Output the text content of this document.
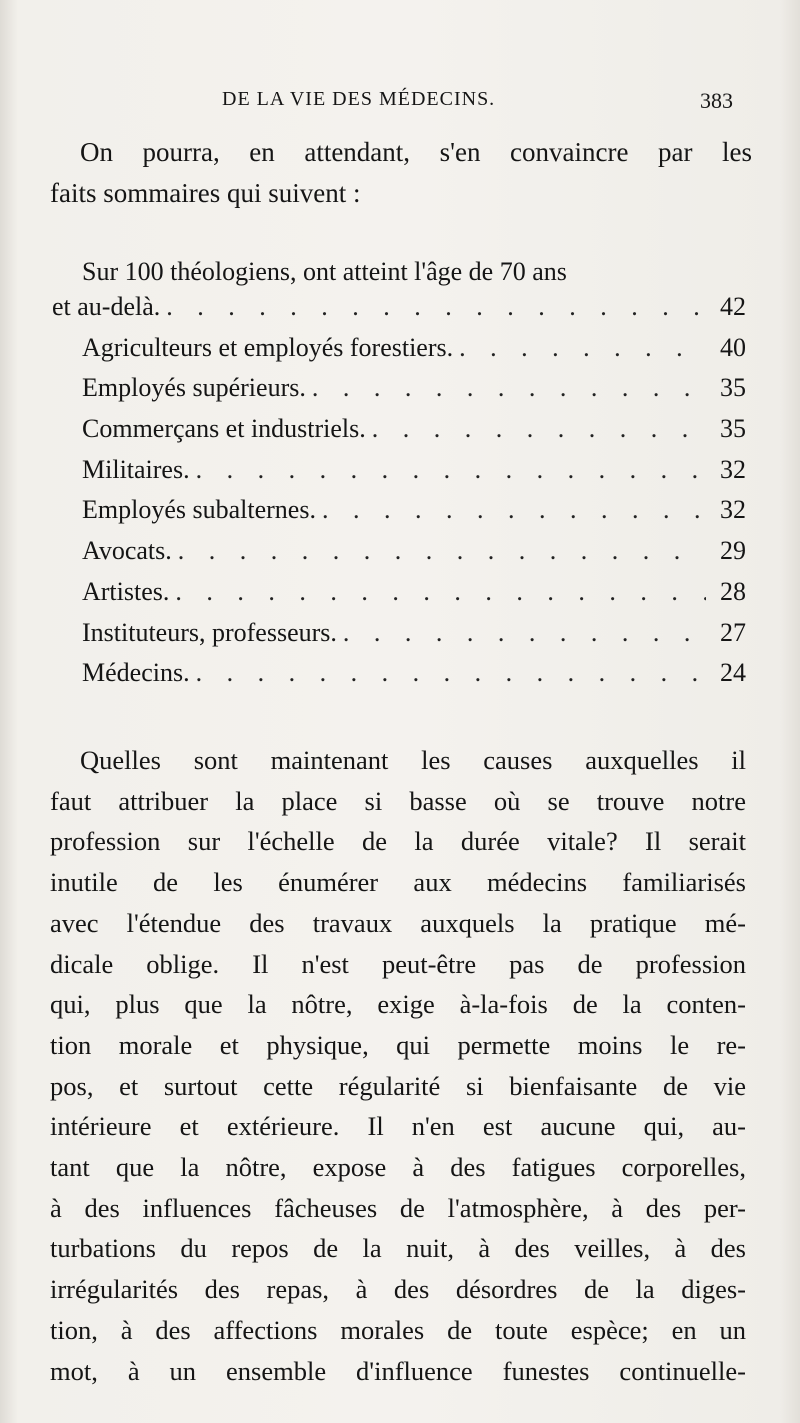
DE LA VIE DES MÉDECINS.	383
On pourra, en attendant, s'en convaincre par les
faits sommaires qui suivent :
Sur 100 théologiens, ont atteint l'âge de 70 ans
et au-delà. . . .	42
Agriculteurs et employés forestiers. . . .	40
Employés supérieurs. . . .	35
Commerçans et industriels. . . .	35
Militaires. . . .	32
Employés subalternes. . . .	32
Avocats. . . .	29
Artistes. . . .	28
Instituteurs, professeurs. . . .	27
Médecins. . . .	24
Quelles sont maintenant les causes auxquelles il
faut attribuer la place si basse où se trouve notre
profession sur l'échelle de la durée vitale? Il serait
inutile de les énumérer aux médecins familiarisés
avec l'étendue des travaux auxquels la pratique mé-
dicale oblige. Il n'est peut-être pas de profession
qui, plus que la nôtre, exige à-la-fois de la conten-
tion morale et physique, qui permette moins le re-
pos, et surtout cette régularité si bienfaisante de vie
intérieure et extérieure. Il n'en est aucune qui, au-
tant que la nôtre, expose à des fatigues corporelles,
à des influences fâcheuses de l'atmosphère, à des per-
turbations du repos de la nuit, à des veilles, à des
irrégularités des repas, à des désordres de la diges-
tion, à des affections morales de toute espèce; en un
mot, à un ensemble d'influence funestes continuelle-
